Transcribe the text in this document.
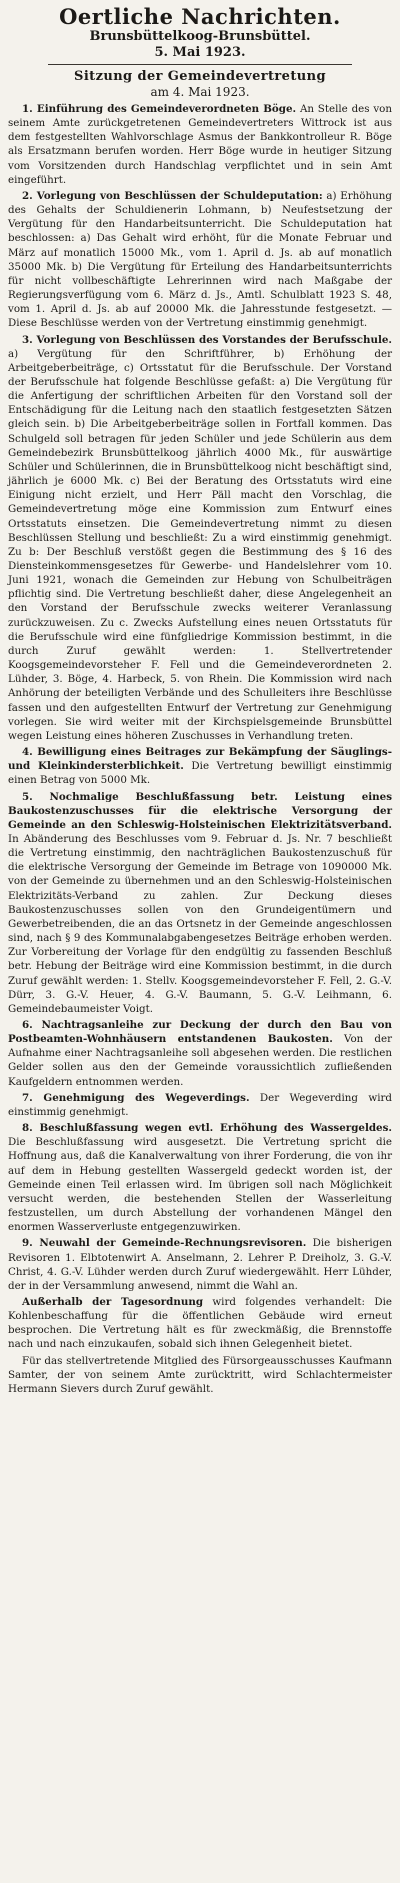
Oertliche Nachrichten.
Brunsbüttelkoog-Brunsbüttel.
5. Mai 1923.
Sitzung der Gemeindevertretung
am 4. Mai 1923.

1. Einführung des Gemeindeverordneten Böge. An Stelle des von seinem Amte zurückgetretenen Gemeindevertreters Wittrock ist aus dem festgestellten Wahlvorschlage Asmus der Bankkontrolleur R. Böge als Ersatzmann berufen worden. Herr Böge wurde in heutiger Sitzung vom Vorsitzenden durch Handschlag verpflichtet und in sein Amt eingeführt.

2. Vorlegung von Beschlüssen der Schuldeputation: a) Erhöhung des Gehalts der Schuldienerin Lohmann, b) Neufestsetzung der Vergütung für den Handarbeitsunterricht. Die Schuldeputation hat beschlossen: a) Das Gehalt wird erhöht, für die Monate Februar und März auf monatlich 15000 Mk., vom 1. April d. Js. ab auf monatlich 35000 Mk. b) Die Vergütung für Erteilung des Handarbeitsunterrichts für nicht vollbeschäftigte Lehrerinnen wird nach Maßgabe der Regierungsverfügung vom 6. März d. Js., Amtl. Schulblatt 1923 S. 48, vom 1. April d. Js. ab auf 20000 Mk. die Jahresstunde festgesetzt. — Diese Beschlüsse werden von der Vertretung einstimmig genehmigt.

3. Vorlegung von Beschlüssen des Vorstandes der Berufsschule. a) Vergütung für den Schriftführer, b) Erhöhung der Arbeitgeberbeiträge, c) Ortsstatut für die Berufsschule. Der Vorstand der Berufsschule hat folgende Beschlüsse gefaßt: a) Die Vergütung für die Anfertigung der schriftlichen Arbeiten für den Vorstand soll der Entschädigung für die Leitung nach den staatlich festgesetzten Sätzen gleich sein. b) Die Arbeitgeberbeiträge sollen in Fortfall kommen. Das Schulgeld soll betragen für jeden Schüler und jede Schülerin aus dem Gemeindebezirk Brunsbüttelkoog jährlich 4000 Mk., für auswärtige Schüler und Schülerinnen, die in Brunsbüttelkoog nicht beschäftigt sind, jährlich je 6000 Mk. c) Bei der Beratung des Ortsstatuts wird eine Einigung nicht erzielt, und Herr Päll macht den Vorschlag, die Gemeindevertretung möge eine Kommission zum Entwurf eines Ortsstatuts einsetzen. Die Gemeindevertretung nimmt zu diesen Beschlüssen Stellung und beschließt: Zu a wird einstimmig genehmigt. Zu b: Der Beschluß verstößt gegen die Bestimmung des § 16 des Diensteinkommensgesetzes für Gewerbe- und Handelslehrer vom 10. Juni 1921, wonach die Gemeinden zur Hebung von Schulbeiträgen pflichtig sind. Die Vertretung beschließt daher, diese Angelegenheit an den Vorstand der Berufsschule zwecks weiterer Veranlassung zurückzuweisen. Zu c. Zwecks Aufstellung eines neuen Ortsstatuts für die Berufsschule wird eine fünfgliedrige Kommission bestimmt, in die durch Zuruf gewählt werden: 1. Stellvertretender Koogsgemeindevorsteher F. Fell und die Gemeindeverordneten 2. Lühder, 3. Böge, 4. Harbeck, 5. von Rhein. Die Kommission wird nach Anhörung der beteiligten Verbände und des Schulleiters ihre Beschlüsse fassen und den aufgestellten Entwurf der Vertretung zur Genehmigung vorlegen. Sie wird weiter mit der Kirchspielsgemeinde Brunsbüttel wegen Leistung eines höheren Zuschusses in Verhandlung treten.

4. Bewilligung eines Beitrages zur Bekämpfung der Säuglings- und Kleinkindersterblichkeit. Die Vertretung bewilligt einstimmig einen Betrag von 5000 Mk.

5. Nochmalige Beschlußfassung betr. Leistung eines Baukostenzuschusses für die elektrische Versorgung der Gemeinde an den Schleswig-Holsteinischen Elektrizitätsverband. In Abänderung des Beschlusses vom 9. Februar d. Js. Nr. 7 beschließt die Vertretung einstimmig, den nachträglichen Baukostenzuschuß für die elektrische Versorgung der Gemeinde im Betrage von 1090000 Mk. von der Gemeinde zu übernehmen und an den Schleswig-Holsteinischen Elektrizitäts-Verband zu zahlen. Zur Deckung dieses Baukostenzuschusses sollen von den Grundeigentümern und Gewerbetreibenden, die an das Ortsnetz in der Gemeinde angeschlossen sind, nach § 9 des Kommunalabgabengesetzes Beiträge erhoben werden. Zur Vorbereitung der Vorlage für den endgültig zu fassenden Beschluß betr. Hebung der Beiträge wird eine Kommission bestimmt, in die durch Zuruf gewählt werden: 1. Stellv. Koogsgemeindevorsteher F. Fell, 2. G.-V. Dürr, 3. G.-V. Heuer, 4. G.-V. Baumann, 5. G.-V. Leihmann, 6. Gemeindebaumeister Voigt.

6. Nachtragsanleihe zur Deckung der durch den Bau von Postbeamten-Wohnhäusern entstandenen Baukosten. Von der Aufnahme einer Nachtragsanleihe soll abgesehen werden. Die restlichen Gelder sollen aus den der Gemeinde voraussichtlich zufließenden Kaufgeldern entnommen werden.

7. Genehmigung des Wegeverdings. Der Wegeverding wird einstimmig genehmigt.

8. Beschlußfassung wegen evtl. Erhöhung des Wassergeldes. Die Beschlußfassung wird ausgesetzt. Die Vertretung spricht die Hoffnung aus, daß die Kanalverwaltung von ihrer Forderung, die von ihr auf dem in Hebung gestellten Wassergeld gedeckt worden ist, der Gemeinde einen Teil erlassen wird. Im übrigen soll nach Möglichkeit versucht werden, die bestehenden Stellen der Wasserleitung festzustellen, um durch Abstellung der vorhandenen Mängel den enormen Wasserverluste entgegenzuwirken.

9. Neuwahl der Gemeinde-Rechnungsrevisoren. Die bisherigen Revisoren 1. Elbtotenwirt A. Anselmann, 2. Lehrer P. Dreiholz, 3. G.-V. Christ, 4. G.-V. Lühder werden durch Zuruf wiedergewählt. Herr Lühder, der in der Versammlung anwesend, nimmt die Wahl an.

Außerhalb der Tagesordnung wird folgendes verhandelt: Die Kohlenbeschaffung für die öffentlichen Gebäude wird erneut besprochen. Die Vertretung hält es für zweckmäßig, die Brennstoffe nach und nach einzukaufen, sobald sich ihnen Gelegenheit bietet.

Für das stellvertretende Mitglied des Fürsorgeausschusses Kaufmann Samter, der von seinem Amte zurücktritt, wird Schlachtermeister Hermann Sievers durch Zuruf gewählt.
